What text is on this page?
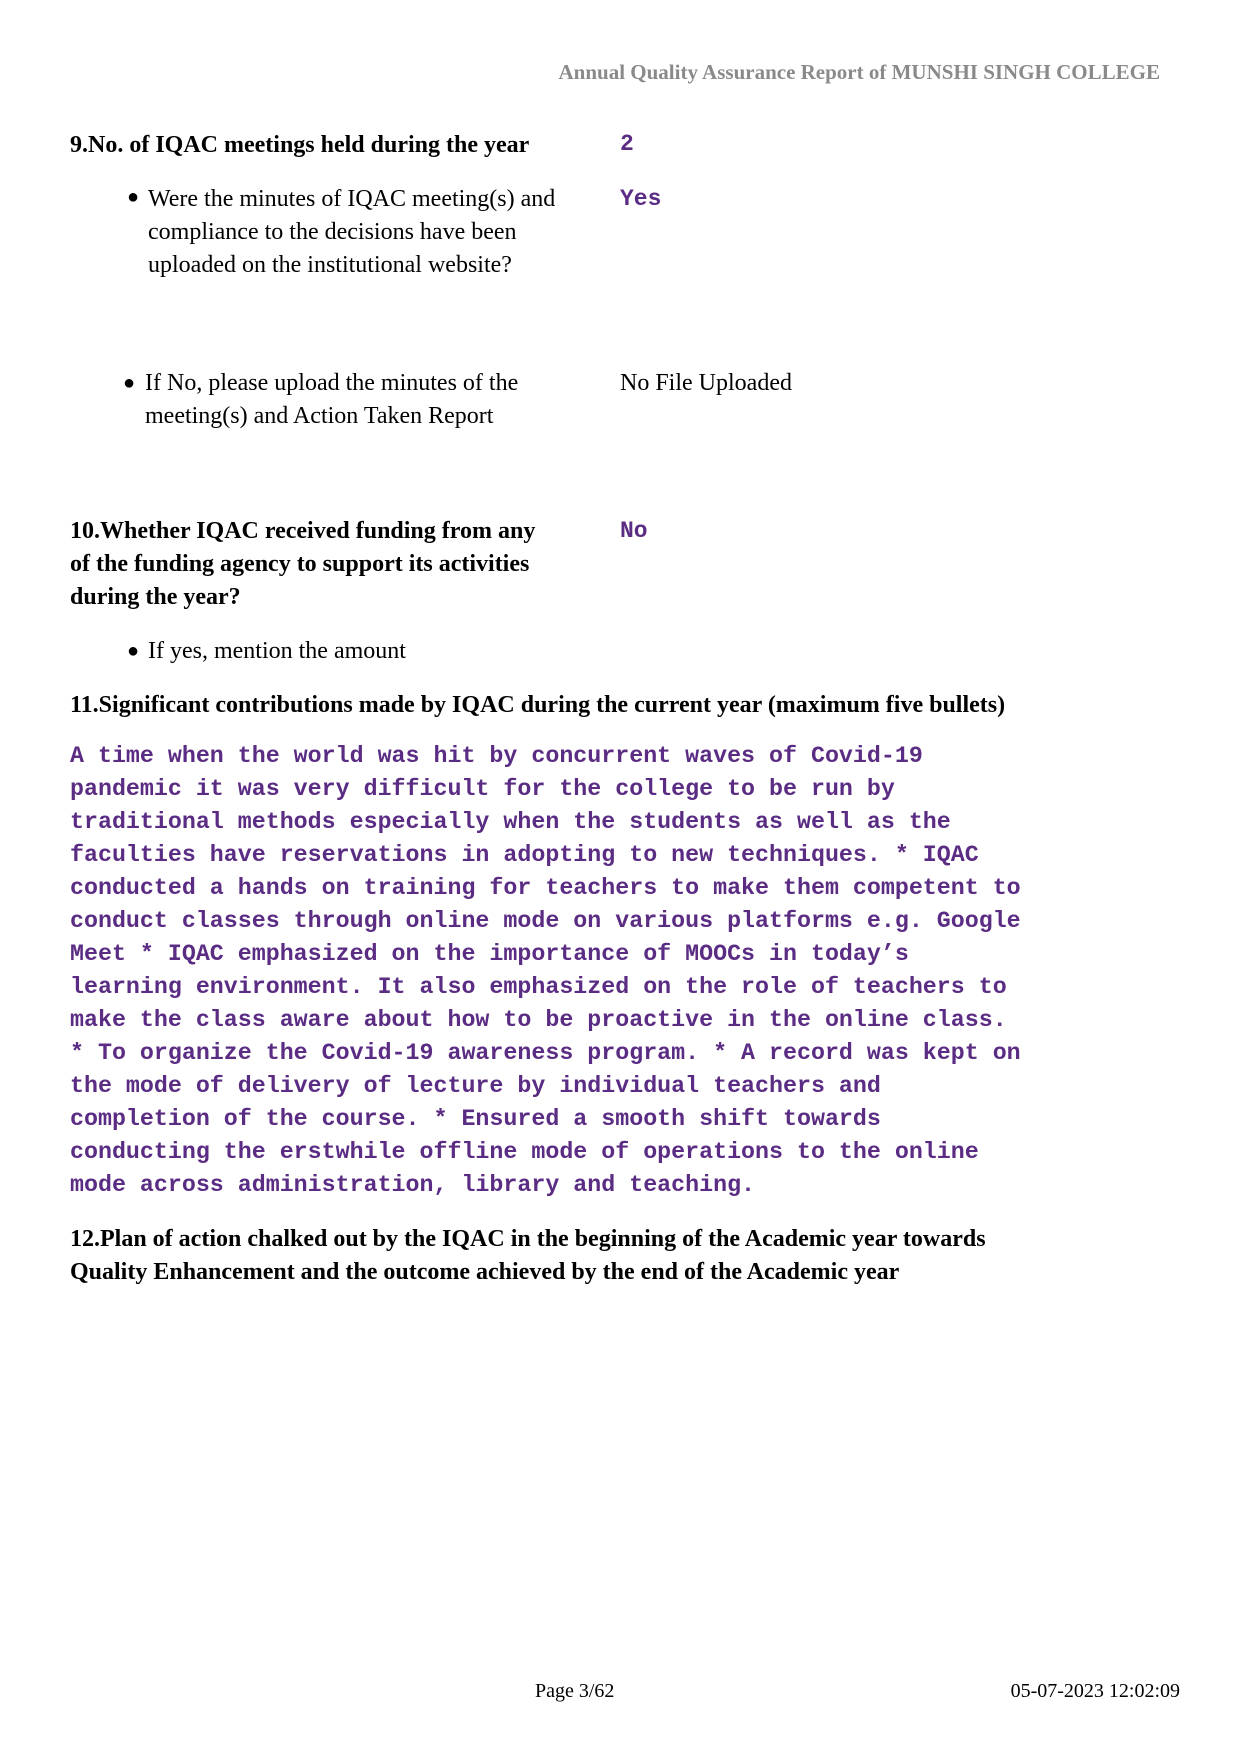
Annual Quality Assurance Report of MUNSHI SINGH COLLEGE
9.No. of IQAC meetings held during the year	2
● Were the minutes of IQAC meeting(s) and
compliance to the decisions have been
uploaded on the institutional website?
Yes
● If No, please upload the minutes of the
meeting(s) and Action Taken Report
No File Uploaded
10.Whether IQAC received funding from any
of the funding agency to support its activities
during the year?
No
● If yes, mention the amount
11.Significant contributions made by IQAC during the current year (maximum five bullets)
A time when the world was hit by concurrent waves of Covid-19
pandemic it was very difficult for the college to be run by
traditional methods especially when the students as well as the
faculties have reservations in adopting to new techniques. * IQAC
conducted a hands on training for teachers to make them competent to
conduct classes through online mode on various platforms e.g. Google
Meet * IQAC emphasized on the importance of MOOCs in today’s
learning environment. It also emphasized on the role of teachers to
make the class aware about how to be proactive in the online class.
* To organize the Covid-19 awareness program. * A record was kept on
the mode of delivery of lecture by individual teachers and
completion of the course. * Ensured a smooth shift towards
conducting the erstwhile offline mode of operations to the online
mode across administration, library and teaching.
12.Plan of action chalked out by the IQAC in the beginning of the Academic year towards
Quality Enhancement and the outcome achieved by the end of the Academic year
Page 3/62	05-07-2023 12:02:09
